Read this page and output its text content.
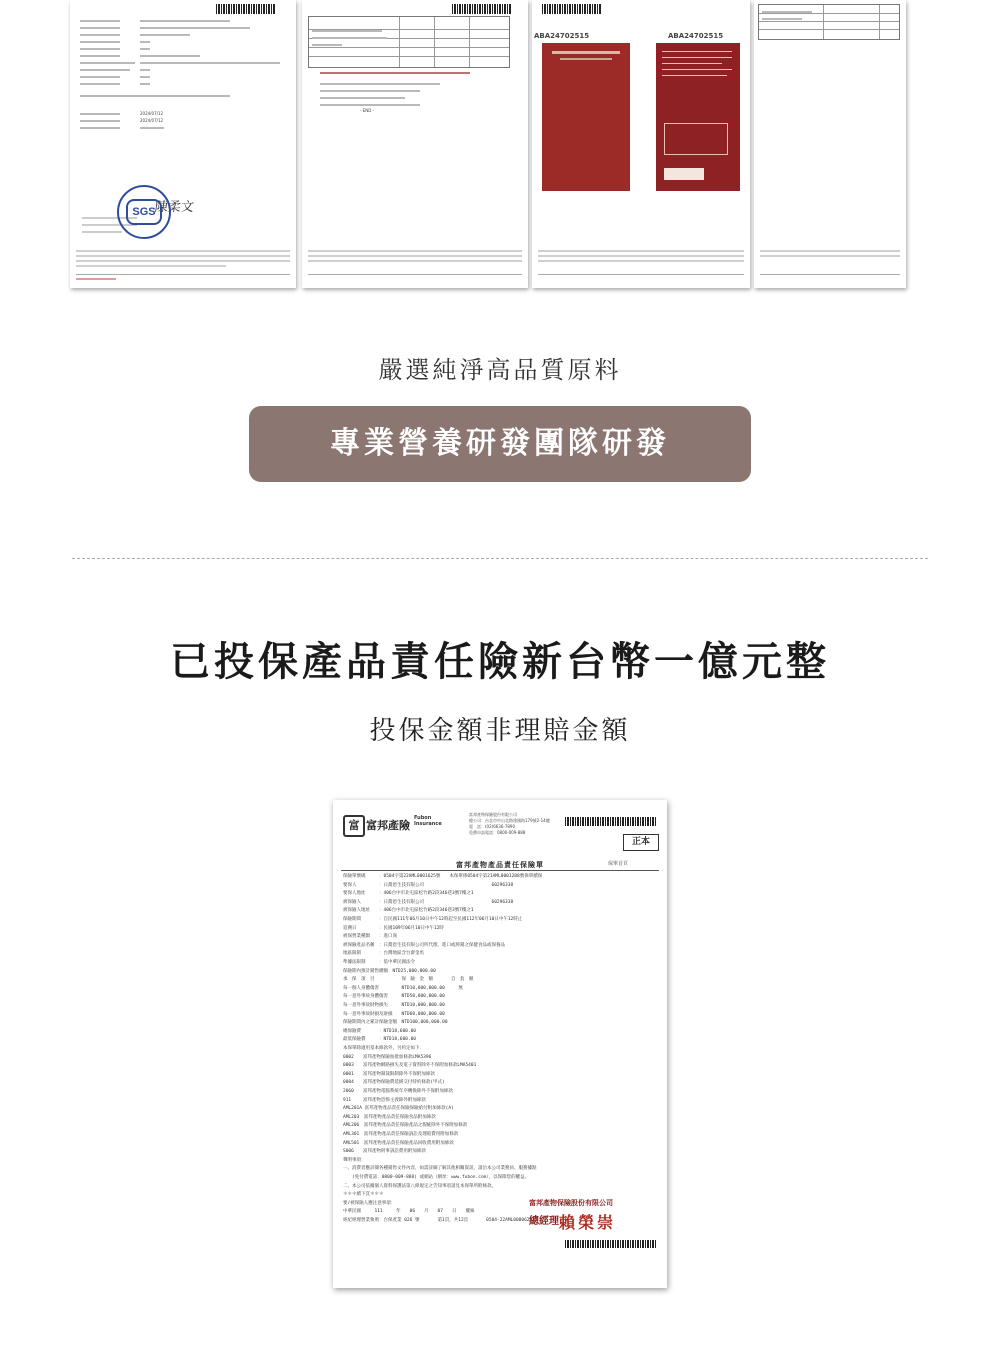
2024/07/12
2024/07/12
陳柔文
SGS
- END -
ABA24702515	ABA24702515
嚴選純淨高品質原料
專業營養研發團隊研發
已投保產品責任險新台幣一億元整
投保金額非理賠金額
富 富邦產險
Fubon
Insurance
富邦產物保險股份有限公司
總公司：台北市中山北路建國路179號2-14樓
電　話：(02)6636-7890
免費申訴電話：0800-009-888
正本
富邦產物產品責任保險單	保單首頁
保險單號碼　　　：0504字第22AML0001625號　　本保單係0504字第21AML0001288號保單續保
要保人　　　　　：日喬恩生技有限公司　　　　　　　　　　　　　　　60296338
要保人地址　　　：406台中市北屯區松竹路2段346巷3號7樓之1
被保險人　　　　：日喬恩生技有限公司　　　　　　　　　　　　　　　60296338
被保險人地址　　：406台中市北屯區松竹路2段346巷3號7樓之1
保險期間　　　　：自民國111年06月10日中午12時起至民國112年06月10日中午12時止
追溯日　　　　　：民國109年06月10日中午12時
被保營業種類　　：進口商
被保險產品名稱　：日喬恩生技有限公司所代理、進口或經銷之保健食品或保養品
地區限制　　　　：台灣地區含台澎金馬
準據法限制　　　：依中華民國法令
保險期內預計銷售總額：NTD25,000,000.00
承　保　項　目　　　　　　保　險　金　額　　　　自　負　額
每一個人身體傷害　　　　　NTD10,000,000.00　　　無
每一意外事故身體傷害　　　NTD50,000,000.00
每一意外事故財物損失　　　NTD10,000,000.00
每一意外事故財損及財損　　NTD60,000,000.00
保險期間內之累計保險金額　NTD100,000,000.00
總保險費　　　　：NTD18,600.00
最低保險費　　　：NTD18,600.00
本保單除適用基本條款外，另約定如下：
0002　　富邦產物保險加批加條款LMA5396
0003　　富邦產物網路損失及電子資料除外不保附加條款LMA5401
0001　　富邦產物制裁限制除外不保附加條款
0084　　富邦產物保險費延緩交付特約條款(甲式)
2060　　富邦產物電腦系統年序轉換除外不保附加條款
911　　 富邦產物恐怖主義除外附加條款
AML201A 富邦產物產品責任保險保險給付附加條款(A)
AML203　富邦產物產品責任保險食品附加條款
AML206　富邦產物產品責任保險產品之瑕疵除外不保附加條款
AML301　富邦產物產品責任保險訴訟及理賠費用附加條款
AML501　富邦產物產品責任保險產品回收費用附加條款
S006　　富邦產物刑事訴訟費用附加條款
聲明事項：
一、消費者應詳閱各種銷售文件內容，如需詳細了解其他相關資訊，請洽本公司業務員、服務據點
　　(免付費電話：0800-009-888) 或網站（網址：www.fubon.com），以保障您的權益。
二、本公司依據個人資料保護法第八條規定之告知事項請見本保單所附條款。
＊＊＊續下頁＊＊＊
要/被保險人應注意事項：
中華民國　　　111　　　年　　06　　月　　07　　日　　覆核
經紀經理營業執照：台保產業 026 號　　　　第1頁，共12頁　　　　0504-22AML0000625
富邦產物保險股份有限公司
總經理 賴榮崇
